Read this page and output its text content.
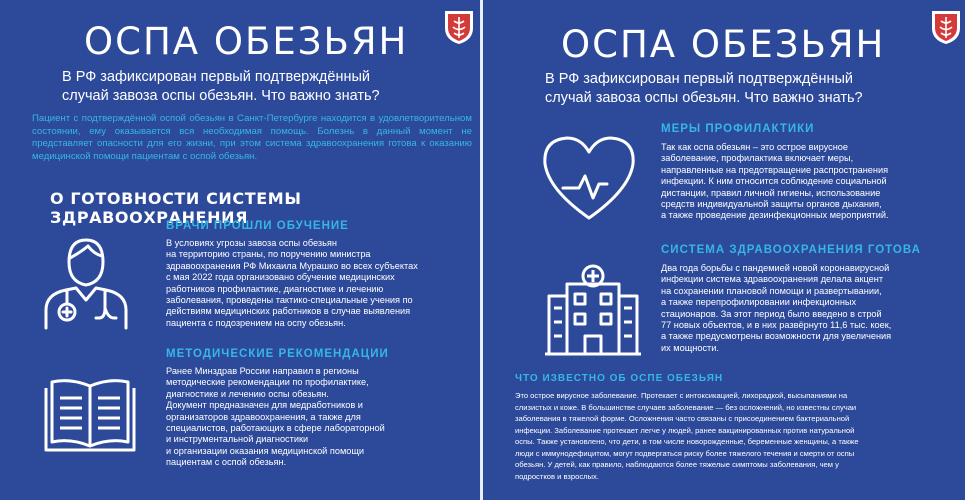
ОСПА ОБЕЗЬЯН

В РФ зафиксирован первый подтверждённый
случай завоза оспы обезьян. Что важно знать?

Пациент с подтверждённой оспой обезьян в Санкт-Петербурге находится в удовлетворительном состоянии, ему оказывается вся необходимая помощь. Болезнь в данный момент не представляет опасности для его жизни, при этом система здравоохранения готова к оказанию медицинской помощи пациентам с оспой обезьян.

О ГОТОВНОСТИ СИСТЕМЫ ЗДРАВООХРАНЕНИЯ
ВРАЧИ ПРОШЛИ ОБУЧЕНИЕ

В условиях угрозы завоза оспы обезьян
на территорию страны, по поручению министра
здравоохранения РФ Михаила Мурашко во всех субъектах
с мая 2022 года организовано обучение медицинских
работников профилактике, диагностике и лечению
заболевания, проведены тактико-специальные учения по
действиям медицинских работников в случае выявления
пациента с подозрением на оспу обезьян.

МЕТОДИЧЕСКИЕ РЕКОМЕНДАЦИИ

Ранее Минздрав России направил в регионы
методические рекомендации по профилактике,
диагностике и лечению оспы обезьян.
Документ предназначен для медработников и
организаторов здравоохранения, а также для
специалистов, работающих в сфере лабораторной
и инструментальной диагностики
и организации оказания медицинской помощи
пациентам с оспой обезьян.

ОСПА ОБЕЗЬЯН

В РФ зафиксирован первый подтверждённый
случай завоза оспы обезьян. Что важно знать?

МЕРЫ ПРОФИЛАКТИКИ

Так как оспа обезьян – это острое вирусное
заболевание, профилактика включает меры,
направленные на предотвращение распространения
инфекции. К ним относится соблюдение социальной
дистанции, правил личной гигиены, использование
средств индивидуальной защиты органов дыхания,
а также проведение дезинфекционных мероприятий.

СИСТЕМА ЗДРАВООХРАНЕНИЯ ГОТОВА

Два года борьбы с пандемией новой коронавирусной
инфекции система здравоохранения делала акцент
на сохранении плановой помощи и развертывании,
а также перепрофилировании инфекционных
стационаров. За этот период было введено в строй
77 новых объектов, и в них развёрнуто 11,6 тыс. коек,
а также предусмотрены возможности для увеличения
их мощности.

ЧТО ИЗВЕСТНО ОБ ОСПЕ ОБЕЗЬЯН

Это острое вирусное заболевание. Протекает с интоксикацией, лихорадкой, высыпаниями на
слизистых и коже. В большинстве случаев заболевание — без осложнений, но известны случаи
заболевания в тяжелой форме. Осложнения часто связаны с присоединением бактериальной
инфекции. Заболевание протекает легче у людей, ранее вакцинированных против натуральной
оспы. Также установлено, что дети, в том числе новорожденные, беременные женщины, а также
люди с иммунодефицитом, могут подвергаться риску более тяжелого течения и смерти от оспы
обезьян. У детей, как правило, наблюдаются более тяжелые симптомы заболевания, чем у
подростков и взрослых.
